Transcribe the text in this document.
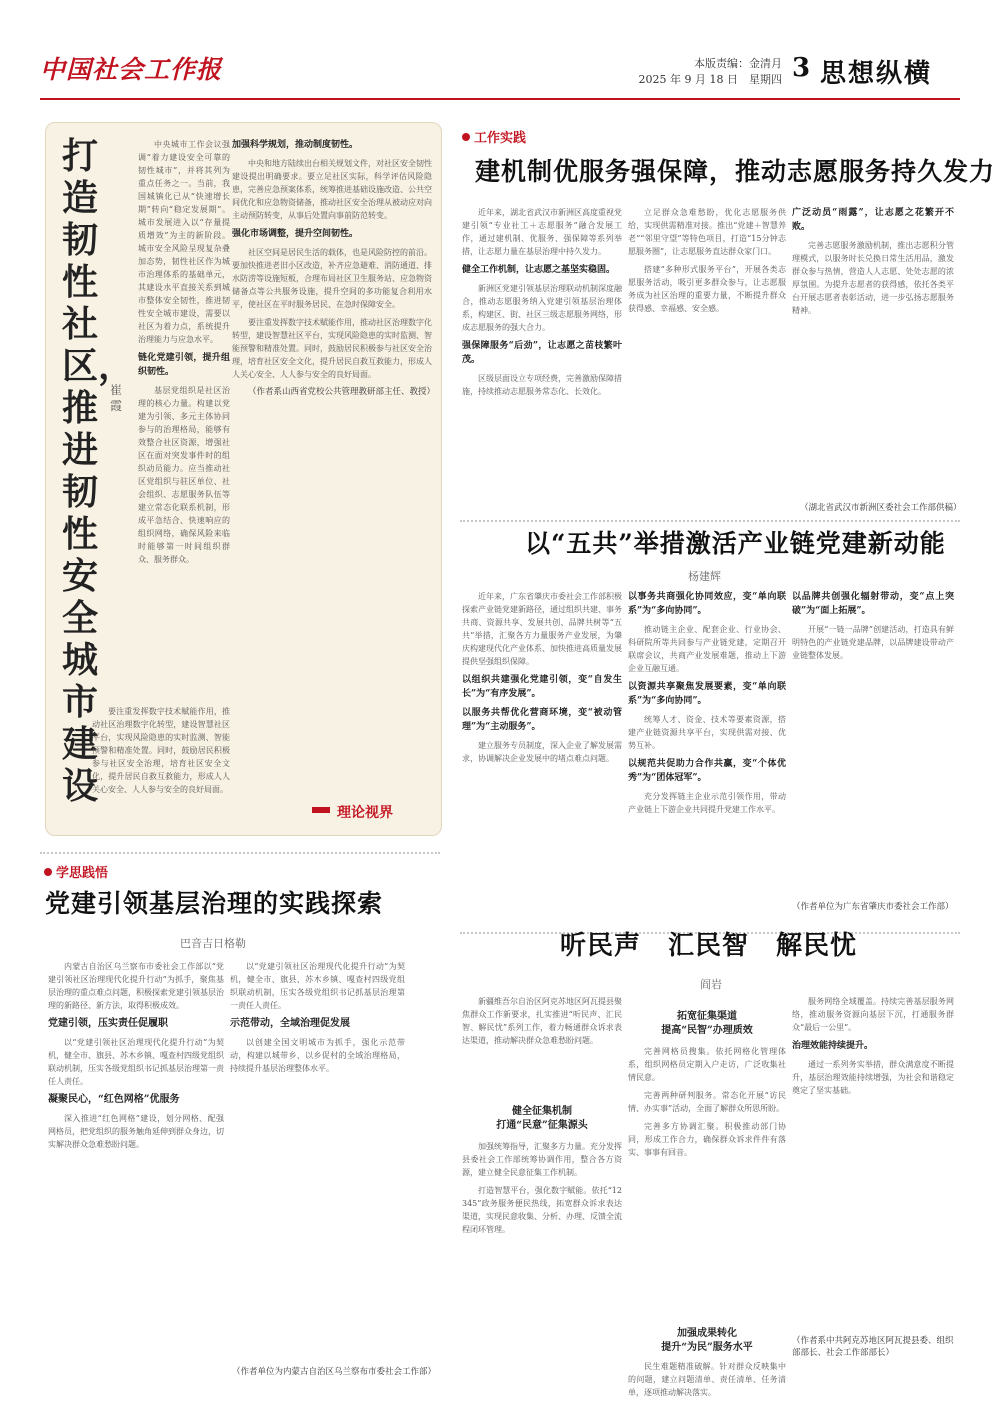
中国社会工作报	本版责编：金清月
2025 年 9 月 18 日　星期四 3 思想纵横
打造韧性社区，推进韧性安全城市建设
崔霞

中央城市工作会议强调“着力建设安全可靠的韧性城市”，并将其列为重点任务之一。当前，我国城镇化已从“快速增长期”转向“稳定发展期”。城市发展进入以“存量提质增效”为主的新阶段。城市安全风险呈现复杂叠加态势，韧性社区作为城市治理体系的基础单元，其建设水平直接关系到城市整体安全韧性，推进韧性安全城市建设，需要以社区为着力点，系统提升治理能力与应急水平。

链化党建引领，提升组织韧性。

基层党组织是社区治理的核心力量。构建以党建为引领、多元主体协同参与的治理格局，能够有效整合社区资源，增强社区在面对突发事件时的组织动员能力。应当推动社区党组织与驻区单位、社会组织、志愿服务队伍等建立常态化联系机制，形成平急结合、快速响应的组织网络，确保风险来临时能够第一时间组织群众、服务群众。

加强科学规划，推动制度韧性。

中央和地方陆续出台相关规划文件，对社区安全韧性建设提出明确要求。要立足社区实际，科学评估风险隐患，完善应急预案体系，统筹推进基础设施改造、公共空间优化和应急物资储备，推动社区安全治理从被动应对向主动预防转变，从事后处置向事前防范转变。

强化市场调整，提升空间韧性。

社区空间是居民生活的载体，也是风险防控的前沿。要加快推进老旧小区改造，补齐应急避难、消防通道、排水防涝等设施短板，合理布局社区卫生服务站、应急物资储备点等公共服务设施，提升空间的多功能复合利用水平，使社区在平时服务居民、在急时保障安全。

要注重发挥数字技术赋能作用，推动社区治理数字化转型，建设智慧社区平台，实现风险隐患的实时监测、智能预警和精准处置。同时，鼓励居民积极参与社区安全治理，培育社区安全文化，提升居民自救互救能力，形成人人关心安全、人人参与安全的良好局面。

（作者系山西省党校公共管理教研部主任、教授）

要注重发挥数字技术赋能作用，推动社区治理数字化转型，建设智慧社区平台，实现风险隐患的实时监测、智能预警和精准处置。同时，鼓励居民积极参与社区安全治理，培育社区安全文化，提升居民自救互救能力，形成人人关心安全、人人参与安全的良好局面。

理论视界
工作实践
建机制优服务强保障，推动志愿服务持久发力

近年来，湖北省武汉市新洲区高度重视党建引领“专业社工＋志愿服务”融合发展工作，通过建机制、优服务、强保障等系列举措，让志愿力量在基层治理中持久发力。

健全工作机制，让志愿之基坚实稳固。

新洲区党建引领基层治理联动机制深度融合，推动志愿服务纳入党建引领基层治理体系，构建区、街、社区三级志愿服务网络，形成志愿服务的强大合力。

强保障服务“后劲”，让志愿之苗枝繁叶茂。

区级层面设立专项经费，完善激励保障措施，持续推动志愿服务常态化、长效化。

立足群众急难愁盼，优化志愿服务供给，实现供需精准对接。推出“党建＋智慧养老”“邻里守望”等特色项目，打造“15分钟志愿服务圈”，让志愿服务直达群众家门口。

搭建“多种形式服务平台”，开展各类志愿服务活动，吸引更多群众参与，让志愿服务成为社区治理的重要力量，不断提升群众获得感、幸福感、安全感。

广泛动员“雨露”，让志愿之花繁开不败。

完善志愿服务激励机制，推出志愿积分管理模式，以服务时长兑换日常生活用品，激发群众参与热情，营造人人志愿、处处志愿的浓厚氛围。为提升志愿者的获得感，依托各类平台开展志愿者表彰活动，进一步弘扬志愿服务精神。

（湖北省武汉市新洲区委社会工作部供稿）
以“五共”举措激活产业链党建新动能
杨建辉

近年来，广东省肇庆市委社会工作部积极探索产业链党建新路径，通过组织共建、事务共商、资源共享、发展共创、品牌共树等“五共”举措，汇聚各方力量服务产业发展，为肇庆构建现代化产业体系、加快推进高质量发展提供坚强组织保障。

以组织共建强化党建引领，变“自发生长”为“有序发展”。

以服务共帮优化营商环境，变“被动管理”为“主动服务”。

建立服务专员制度，深入企业了解发展需求，协调解决企业发展中的堵点难点问题。

以事务共商强化协同效应，变“单向联系”为“多向协同”。

推动链主企业、配套企业、行业协会、科研院所等共同参与产业链党建，定期召开联席会议，共商产业发展难题，推动上下游企业互融互通。

以资源共享聚焦发展要素，变“单向联系”为“多向协同”。

统筹人才、资金、技术等要素资源，搭建产业链资源共享平台，实现供需对接、优势互补。

以规范共促助力合作共赢，变“个体优秀”为“团体冠军”。

充分发挥链主企业示范引领作用，带动产业链上下游企业共同提升党建工作水平。

以品牌共创强化辐射带动，变“点上突破”为“面上拓展”。

开展“一链一品牌”创建活动，打造具有鲜明特色的产业链党建品牌，以品牌建设带动产业链整体发展。

（作者单位为广东省肇庆市委社会工作部）
学思践悟
党建引领基层治理的实践探索
巴音吉日格勒

内蒙古自治区乌兰察布市委社会工作部以“党建引领社区治理现代化提升行动”为抓手，聚焦基层治理的重点难点问题，积极探索党建引领基层治理的新路径、新方法，取得积极成效。

党建引领，压实责任促履职

以“党建引领社区治理现代化提升行动”为契机，健全市、旗县、苏木乡镇、嘎查村四级党组织联动机制，压实各级党组织书记抓基层治理第一责任人责任。

凝聚民心，“红色网格”优服务

深入推进“红色网格”建设，划分网格、配强网格员，把党组织的服务触角延伸到群众身边，切实解决群众急难愁盼问题。

以“党建引领社区治理现代化提升行动”为契机，健全市、旗县、苏木乡镇、嘎查村四级党组织联动机制，压实各级党组织书记抓基层治理第一责任人责任。

示范带动，全域治理促发展

以创建全国文明城市为抓手，强化示范带动，构建以城带乡、以乡促村的全域治理格局，持续提升基层治理整体水平。

（作者单位为内蒙古自治区乌兰察布市委社会工作部）
听民声　汇民智　解民忧
阎岩

新疆维吾尔自治区阿克苏地区阿瓦提县聚焦群众工作新要求，扎实推进“听民声、汇民智、解民忧”系列工作，着力畅通群众诉求表达渠道，推动解决群众急难愁盼问题。

健全征集机制
打通“民意”征集源头

加强统筹指导，汇聚多方力量。充分发挥县委社会工作部统筹协调作用，整合各方资源，建立健全民意征集工作机制。

打造智慧平台，强化数字赋能。依托“12345”政务服务便民热线，拓宽群众诉求表达渠道，实现民意收集、分析、办理、反馈全流程闭环管理。

拓宽征集渠道
提高“民智”办理质效

完善网格员搜集。依托网格化管理体系，组织网格员定期入户走访，广泛收集社情民意。

完善两种研判服务。常态化开展“访民情、办实事”活动，全面了解群众所思所盼。

完善多方协调汇聚。积极推动部门协同，形成工作合力，确保群众诉求件件有落实、事事有回音。

加强成果转化
提升“为民”服务水平

民生难题精准破解。针对群众反映集中的问题，建立问题清单、责任清单、任务清单，逐项推动解决落实。

服务网络全域覆盖。持续完善基层服务网络，推动服务资源向基层下沉，打通服务群众“最后一公里”。

治理效能持续提升。

通过一系列务实举措，群众满意度不断提升，基层治理效能持续增强，为社会和谐稳定奠定了坚实基础。

（作者系中共阿克苏地区阿瓦提县委、组织部部长、社会工作部部长）
